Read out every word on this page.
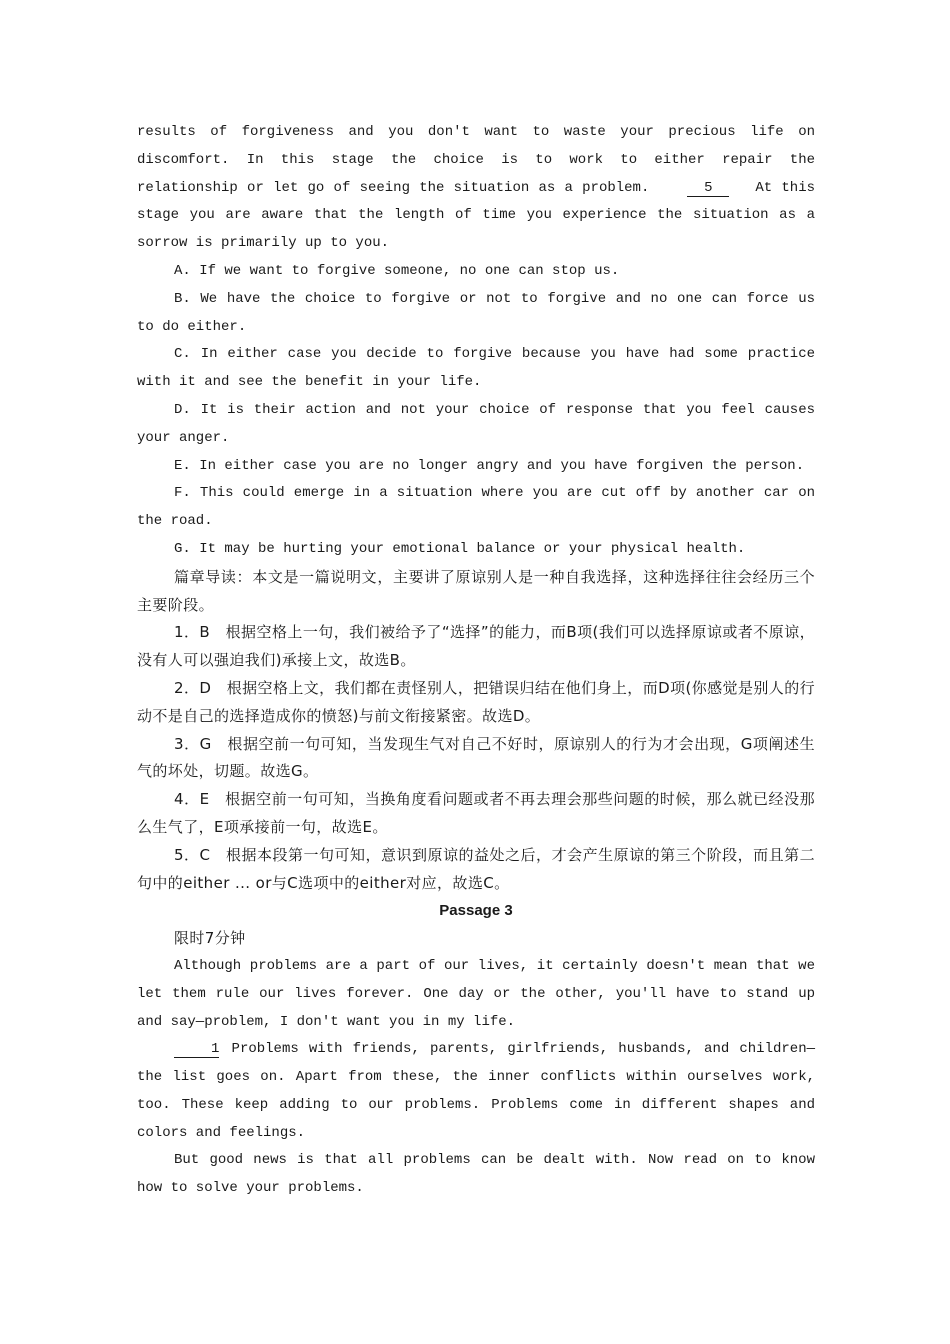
results of forgiveness and you don't want to waste your precious life on discomfort. In this stage the choice is to work to either repair the relationship or let go of seeing the situation as a problem.	5	At this stage you are aware that the length of time you experience the situation as a sorrow is primarily up to you.

A. If we want to forgive someone, no one can stop us.

B. We have the choice to forgive or not to forgive and no one can force us to do either.

C. In either case you decide to forgive because you have had some practice with it and see the benefit in your life.

D. It is their action and not your choice of response that you feel causes your anger.

E. In either case you are no longer angry and you have forgiven the person.

F. This could emerge in a situation where you are cut off by another car on the road.

G. It may be hurting your emotional balance or your physical health.

篇章导读：本文是一篇说明文，主要讲了原谅别人是一种自我选择，这种选择往往会经历三个主要阶段。

1．B　根据空格上一句，我们被给予了“选择”的能力，而B项(我们可以选择原谅或者不原谅，没有人可以强迫我们)承接上文，故选B。

2．D　根据空格上文，我们都在责怪别人，把错误归结在他们身上，而D项(你感觉是别人的行动不是自己的选择造成你的愤怒)与前文衔接紧密。故选D。

3．G　根据空前一句可知，当发现生气对自己不好时，原谅别人的行为才会出现，G项阐述生气的坏处，切题。故选G。

4．E　根据空前一句可知，当换角度看问题或者不再去理会那些问题的时候，那么就已经没那么生气了，E项承接前一句，故选E。

5．C　根据本段第一句可知，意识到原谅的益处之后，才会产生原谅的第三个阶段，而且第二句中的either ... or与C选项中的either对应，故选C。

Passage 3

限时7分钟

Although problems are a part of our lives, it certainly doesn't mean that we let them rule our lives forever. One day or the other, you'll have to stand up and say—problem, I don't want you in my life.

1 Problems with friends, parents, girlfriends, husbands, and children—the list goes on. Apart from these, the inner conflicts within ourselves work, too. These keep adding to our problems. Problems come in different shapes and colors and feelings.

But good news is that all problems can be dealt with. Now read on to know how to solve your problems.
